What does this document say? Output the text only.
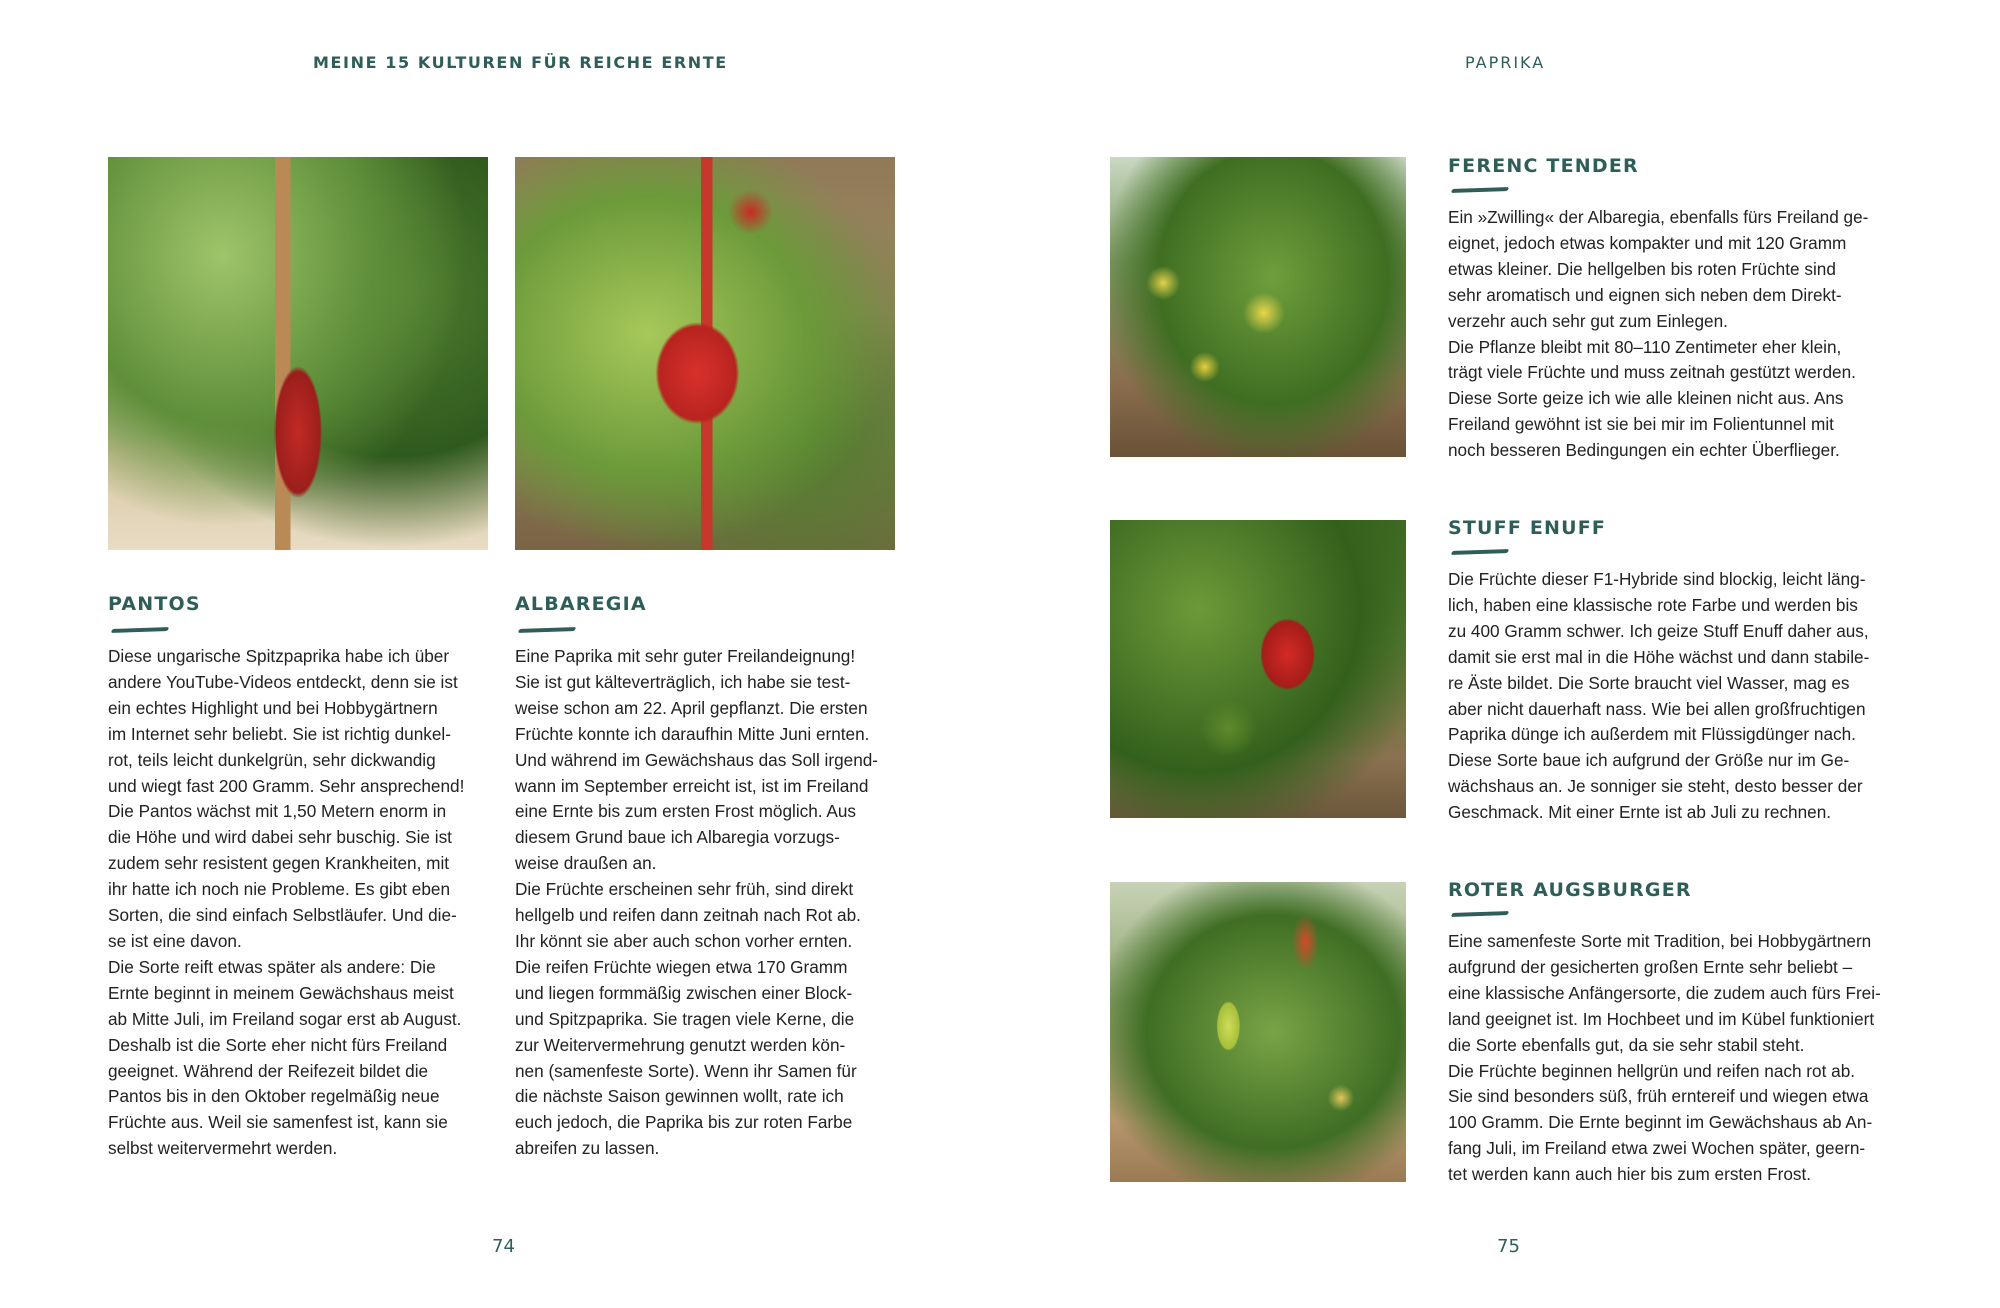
MEINE 15 KULTUREN FÜR REICHE ERNTE
PANTOS

Diese ungarische Spitzpaprika habe ich über
andere YouTube-Videos entdeckt, denn sie ist
ein echtes Highlight und bei Hobbygärtnern
im Internet sehr beliebt. Sie ist richtig dunkel-
rot, teils leicht dunkelgrün, sehr dickwandig
und wiegt fast 200 Gramm. Sehr ansprechend!
Die Pantos wächst mit 1,50 Metern enorm in
die Höhe und wird dabei sehr buschig. Sie ist
zudem sehr resistent gegen Krankheiten, mit
ihr hatte ich noch nie Probleme. Es gibt eben
Sorten, die sind einfach Selbstläufer. Und die-
se ist eine davon.
Die Sorte reift etwas später als andere: Die
Ernte beginnt in meinem Gewächshaus meist
ab Mitte Juli, im Freiland sogar erst ab August.
Deshalb ist die Sorte eher nicht fürs Freiland
geeignet. Während der Reifezeit bildet die
Pantos bis in den Oktober regelmäßig neue
Früchte aus. Weil sie samenfest ist, kann sie
selbst weitervermehrt werden.

ALBAREGIA

Eine Paprika mit sehr guter Freilandeignung!
Sie ist gut kälteverträglich, ich habe sie test-
weise schon am 22. April gepflanzt. Die ersten
Früchte konnte ich daraufhin Mitte Juni ernten.
Und während im Gewächshaus das Soll irgend-
wann im September erreicht ist, ist im Freiland
eine Ernte bis zum ersten Frost möglich. Aus
diesem Grund baue ich Albaregia vorzugs-
weise draußen an.
Die Früchte erscheinen sehr früh, sind direkt
hellgelb und reifen dann zeitnah nach Rot ab.
Ihr könnt sie aber auch schon vorher ernten.
Die reifen Früchte wiegen etwa 170 Gramm
und liegen formmäßig zwischen einer Block-
und Spitzpaprika. Sie tragen viele Kerne, die
zur Weitervermehrung genutzt werden kön-
nen (samenfeste Sorte). Wenn ihr Samen für
die nächste Saison gewinnen wollt, rate ich
euch jedoch, die Paprika bis zur roten Farbe
abreifen zu lassen.

74
PAPRIKA
FERENC TENDER

Ein »Zwilling« der Albaregia, ebenfalls fürs Freiland ge-
eignet, jedoch etwas kompakter und mit 120 Gramm
etwas kleiner. Die hellgelben bis roten Früchte sind
sehr aromatisch und eignen sich neben dem Direkt-
verzehr auch sehr gut zum Einlegen.
Die Pflanze bleibt mit 80–110 Zentimeter eher klein,
trägt viele Früchte und muss zeitnah gestützt werden.
Diese Sorte geize ich wie alle kleinen nicht aus. Ans
Freiland gewöhnt ist sie bei mir im Folientunnel mit
noch besseren Bedingungen ein echter Überflieger.

STUFF ENUFF

Die Früchte dieser F1-Hybride sind blockig, leicht läng-
lich, haben eine klassische rote Farbe und werden bis
zu 400 Gramm schwer. Ich geize Stuff Enuff daher aus,
damit sie erst mal in die Höhe wächst und dann stabile-
re Äste bildet. Die Sorte braucht viel Wasser, mag es
aber nicht dauerhaft nass. Wie bei allen großfruchtigen
Paprika dünge ich außerdem mit Flüssigdünger nach.
Diese Sorte baue ich aufgrund der Größe nur im Ge-
wächshaus an. Je sonniger sie steht, desto besser der
Geschmack. Mit einer Ernte ist ab Juli zu rechnen.

ROTER AUGSBURGER

Eine samenfeste Sorte mit Tradition, bei Hobbygärtnern
aufgrund der gesicherten großen Ernte sehr beliebt –
eine klassische Anfängersorte, die zudem auch fürs Frei-
land geeignet ist. Im Hochbeet und im Kübel funktioniert
die Sorte ebenfalls gut, da sie sehr stabil steht.
Die Früchte beginnen hellgrün und reifen nach rot ab.
Sie sind besonders süß, früh erntereif und wiegen etwa
100 Gramm. Die Ernte beginnt im Gewächshaus ab An-
fang Juli, im Freiland etwa zwei Wochen später, geern-
tet werden kann auch hier bis zum ersten Frost.

75
